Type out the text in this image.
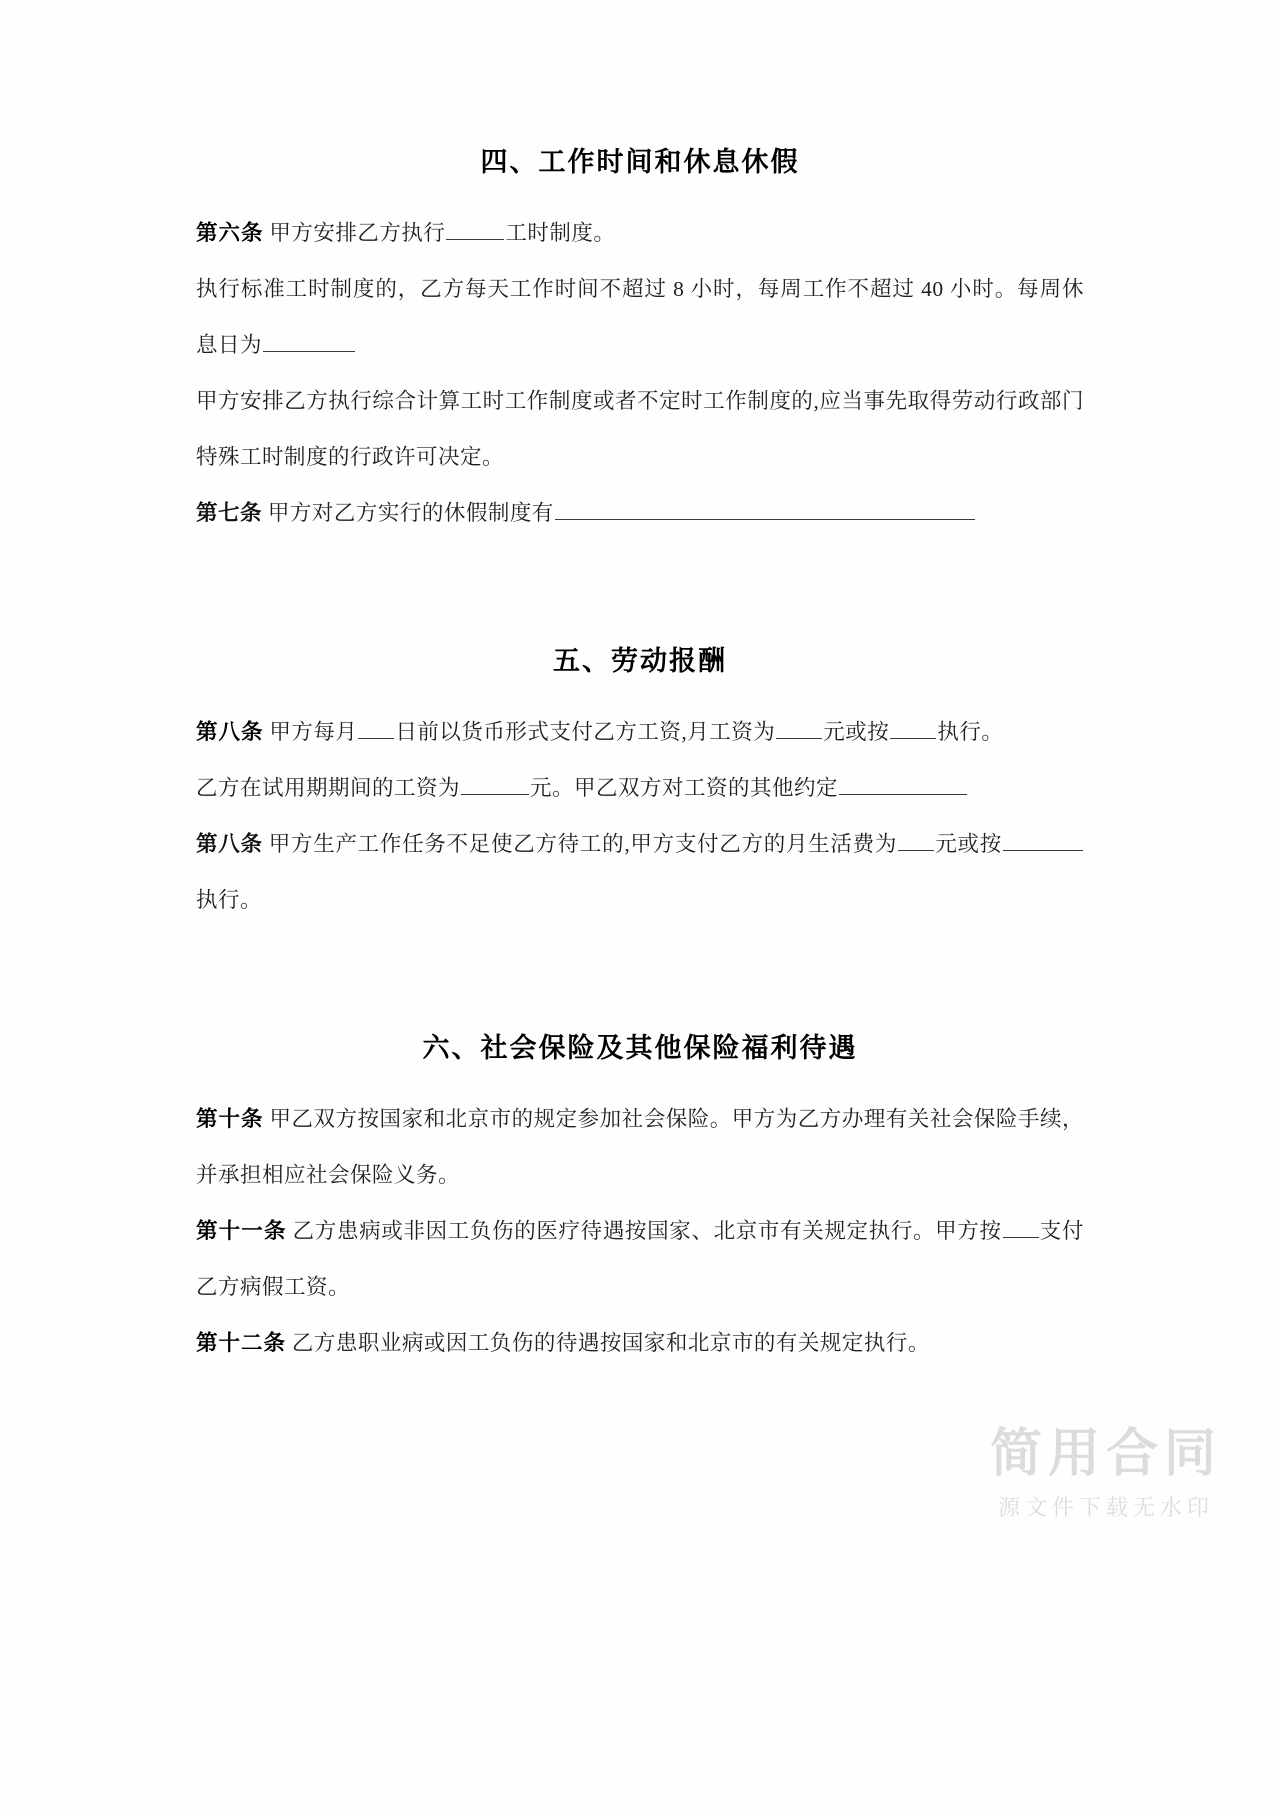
四、工作时间和休息休假
第六条 甲方安排乙方执行	工时制度。
执行标准工时制度的，乙方每天工作时间不超过 8 小时，每周工作不超过 40 小时。每周休息日为
甲方安排乙方执行综合计算工时工作制度或者不定时工作制度的,应当事先取得劳动行政部门特殊工时制度的行政许可决定。
第七条 甲方对乙方实行的休假制度有
五、劳动报酬
第八条 甲方每月 日前以货币形式支付乙方工资,月工资为 元或按 执行。
乙方在试用期期间的工资为	元。甲乙双方对工资的其他约定
第八条 甲方生产工作任务不足使乙方待工的,甲方支付乙方的月生活费为 元或按执行。
六、社会保险及其他保险福利待遇
第十条 甲乙双方按国家和北京市的规定参加社会保险。甲方为乙方办理有关社会保险手续，并承担相应社会保险义务。
第十一条 乙方患病或非因工负伤的医疗待遇按国家、北京市有关规定执行。甲方按 支付乙方病假工资。
第十二条 乙方患职业病或因工负伤的待遇按国家和北京市的有关规定执行。
简用合同
源文件下载无水印
